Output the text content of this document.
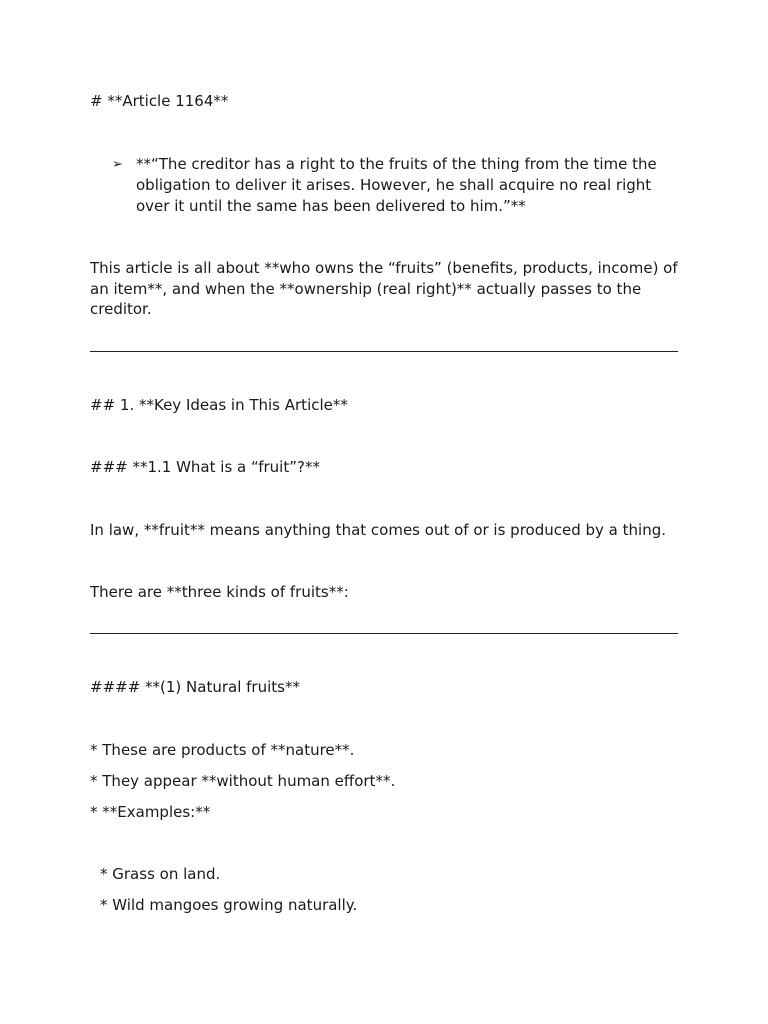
# **Article 1164**
➢ **“The creditor has a right to the fruits of the thing from the time the obligation to deliver it arises. However, he shall acquire no real right over it until the same has been delivered to him.”**
This article is all about **who owns the “fruits” (benefits, products, income) of an item**, and when the **ownership (real right)** actually passes to the creditor.
## 1. **Key Ideas in This Article**
### **1.1 What is a “fruit”?**
In law, **fruit** means anything that comes out of or is produced by a thing.
There are **three kinds of fruits**:
#### **(1) Natural fruits**
* These are products of **nature**.
* They appear **without human effort**.
* **Examples:**
* Grass on land.
* Wild mangoes growing naturally.
